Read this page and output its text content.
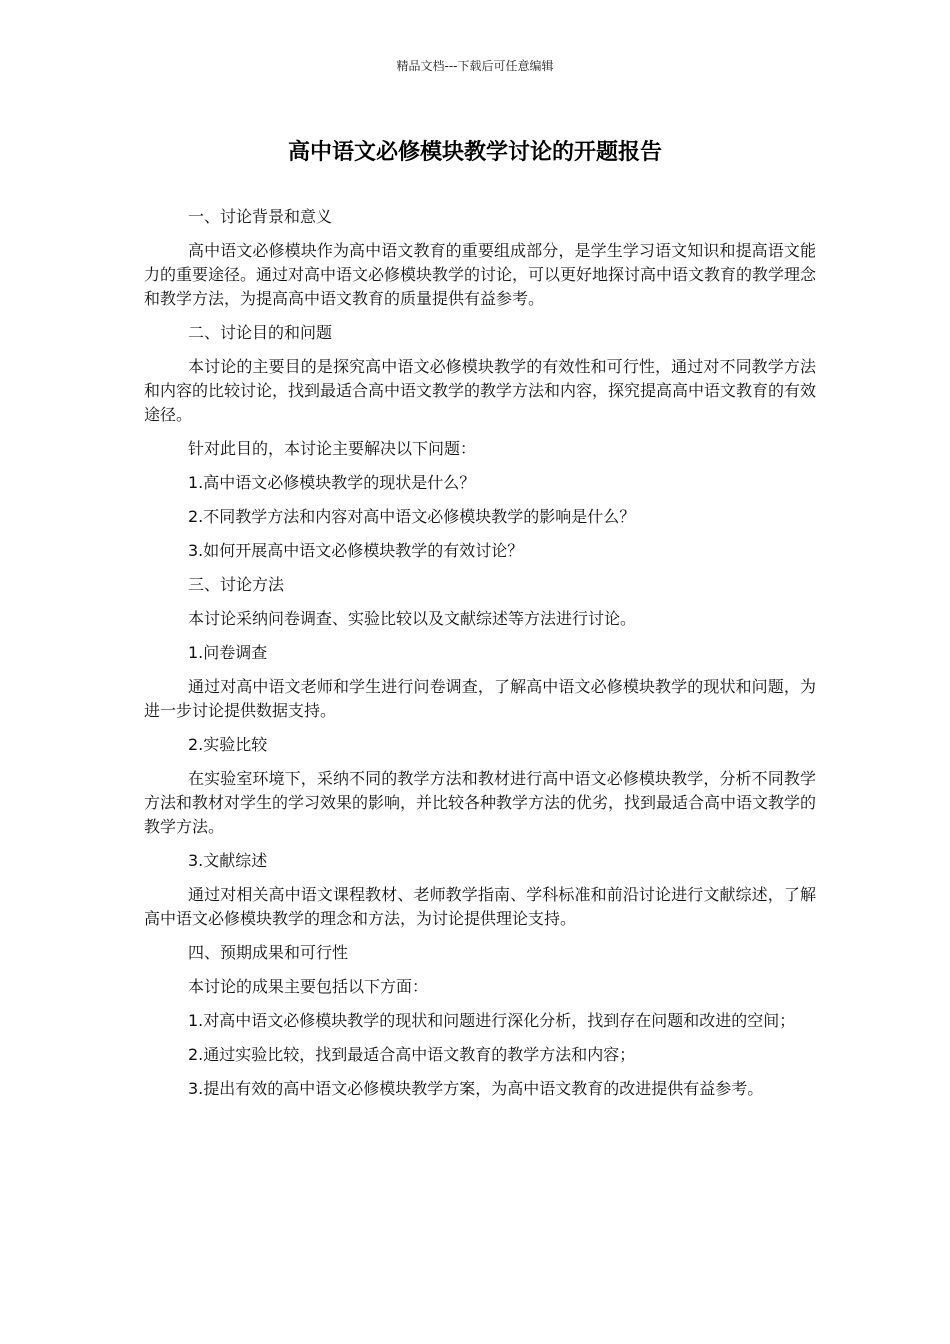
精品文档---下载后可任意编辑
高中语文必修模块教学讨论的开题报告

一、讨论背景和意义

高中语文必修模块作为高中语文教育的重要组成部分，是学生学习语文知识和提高语文能力的重要途径。通过对高中语文必修模块教学的讨论，可以更好地探讨高中语文教育的教学理念和教学方法，为提高高中语文教育的质量提供有益参考。

二、讨论目的和问题

本讨论的主要目的是探究高中语文必修模块教学的有效性和可行性，通过对不同教学方法和内容的比较讨论，找到最适合高中语文教学的教学方法和内容，探究提高高中语文教育的有效途径。

针对此目的，本讨论主要解决以下问题：

1.高中语文必修模块教学的现状是什么？

2.不同教学方法和内容对高中语文必修模块教学的影响是什么？

3.如何开展高中语文必修模块教学的有效讨论？

三、讨论方法

本讨论采纳问卷调查、实验比较以及文献综述等方法进行讨论。

1.问卷调查

通过对高中语文老师和学生进行问卷调查，了解高中语文必修模块教学的现状和问题，为进一步讨论提供数据支持。

2.实验比较

在实验室环境下，采纳不同的教学方法和教材进行高中语文必修模块教学，分析不同教学方法和教材对学生的学习效果的影响，并比较各种教学方法的优劣，找到最适合高中语文教学的教学方法。

3.文献综述

通过对相关高中语文课程教材、老师教学指南、学科标准和前沿讨论进行文献综述，了解高中语文必修模块教学的理念和方法，为讨论提供理论支持。

四、预期成果和可行性

本讨论的成果主要包括以下方面：

1.对高中语文必修模块教学的现状和问题进行深化分析，找到存在问题和改进的空间；

2.通过实验比较，找到最适合高中语文教育的教学方法和内容；

3.提出有效的高中语文必修模块教学方案，为高中语文教育的改进提供有益参考。
